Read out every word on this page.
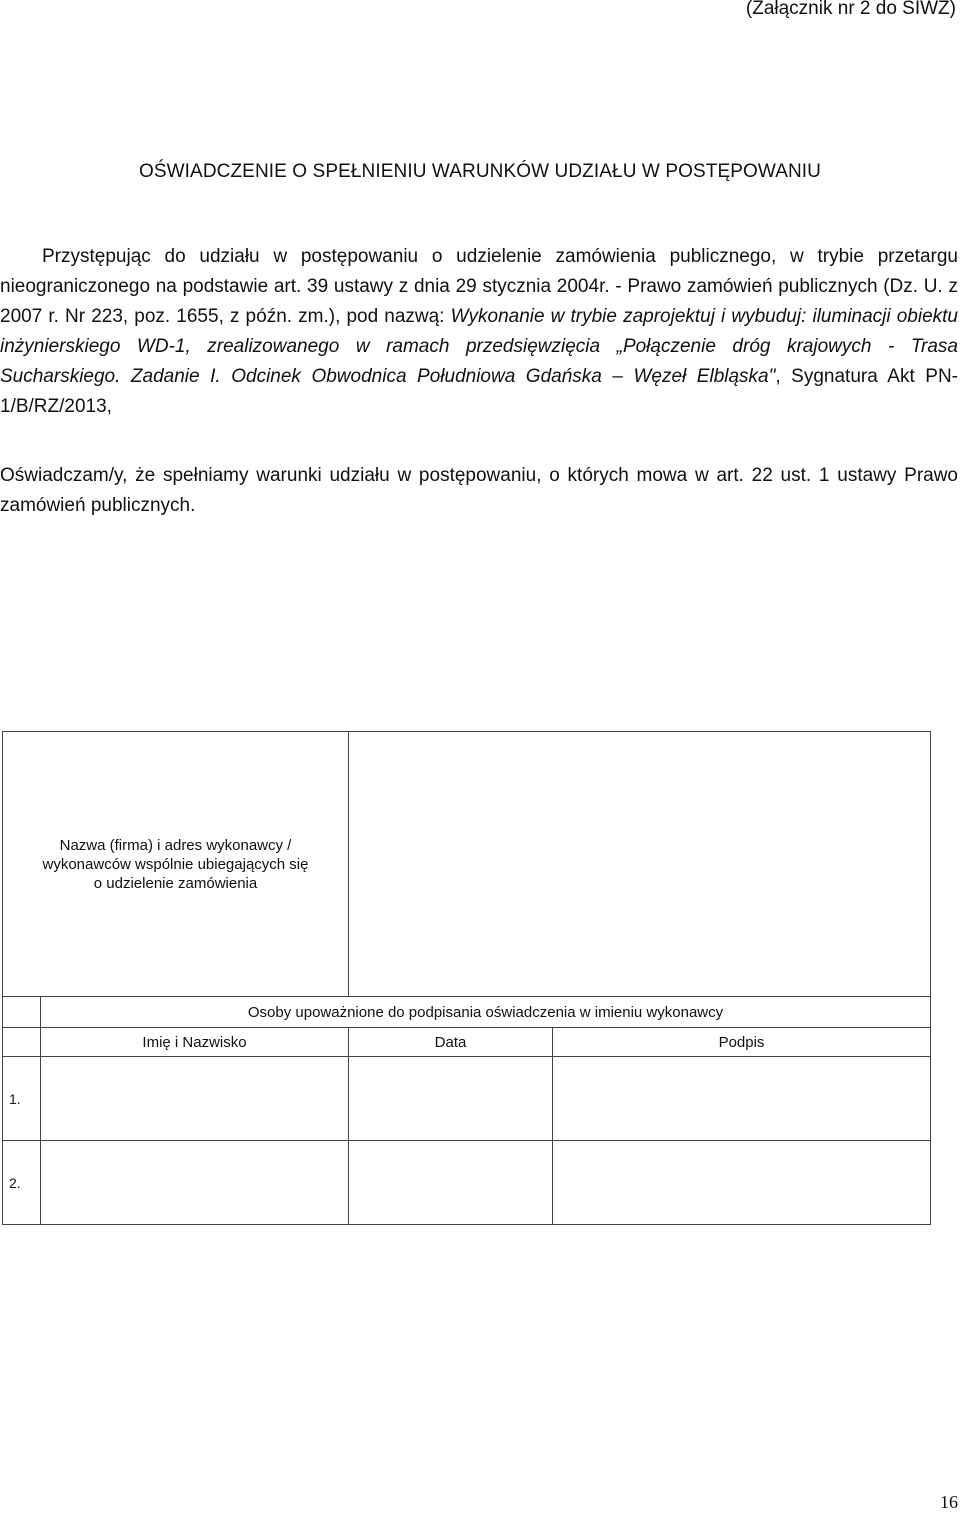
(Załącznik nr 2 do SIWZ)

OŚWIADCZENIE O SPEŁNIENIU WARUNKÓW UDZIAŁU W POSTĘPOWANIU

Przystępując do udziału w postępowaniu o udzielenie zamówienia publicznego, w trybie przetargu nieograniczonego na podstawie art. 39 ustawy z dnia 29 stycznia 2004r. - Prawo zamówień publicznych (Dz. U. z 2007 r. Nr 223, poz. 1655, z późn. zm.), pod nazwą: Wykonanie w trybie zaprojektuj i wybuduj: iluminacji obiektu inżynierskiego WD-1, zrealizowanego w ramach przedsięwzięcia „Połączenie dróg krajowych - Trasa Sucharskiego. Zadanie I. Odcinek Obwodnica Południowa Gdańska – Węzeł Elbląska", Sygnatura Akt PN-1/B/RZ/2013,

Oświadczam/y, że spełniamy warunki udziału w postępowaniu, o których mowa w art. 22 ust. 1 ustawy Prawo zamówień publicznych.

Nazwa (firma) i adres wykonawcy / wykonawców wspólnie ubiegających się o udzielenie zamówienia			
	Osoby upoważnione do podpisania oświadczenia w imieniu wykonawcy		
	Imię i Nazwisko	Data	Podpis
1.			
2.			

16
